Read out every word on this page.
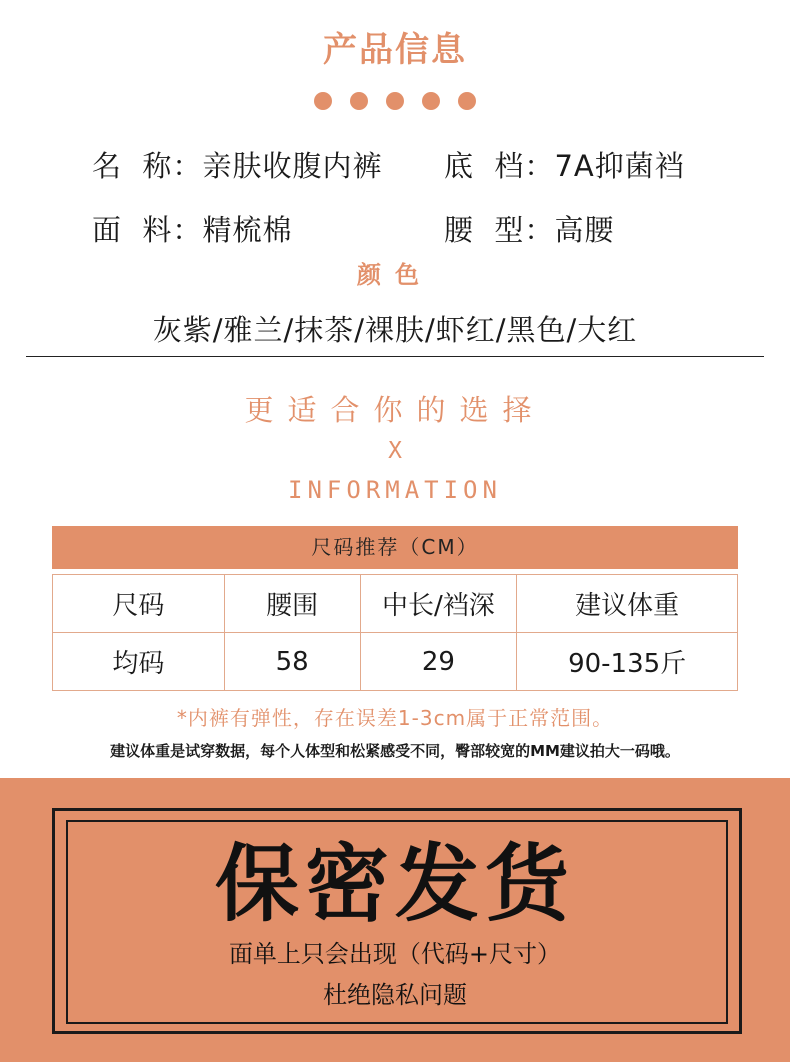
产品信息
名  称：亲肤收腹内裤 底  档：7A抑菌裆
面  料：精梳棉	腰  型：高腰
颜色
灰紫/雅兰/抹茶/裸肤/虾红/黑色/大红
更适合你的选择
X
INFORMATION
尺码推荐（CM）
尺码	腰围	中长/裆深	建议体重
均码	58	29	90-135斤
*内裤有弹性，存在误差1-3cm属于正常范围。
建议体重是试穿数据，每个人体型和松紧感受不同，臀部较宽的MM建议拍大一码哦。
保密发货
面单上只会出现（代码+尺寸）
杜绝隐私问题
